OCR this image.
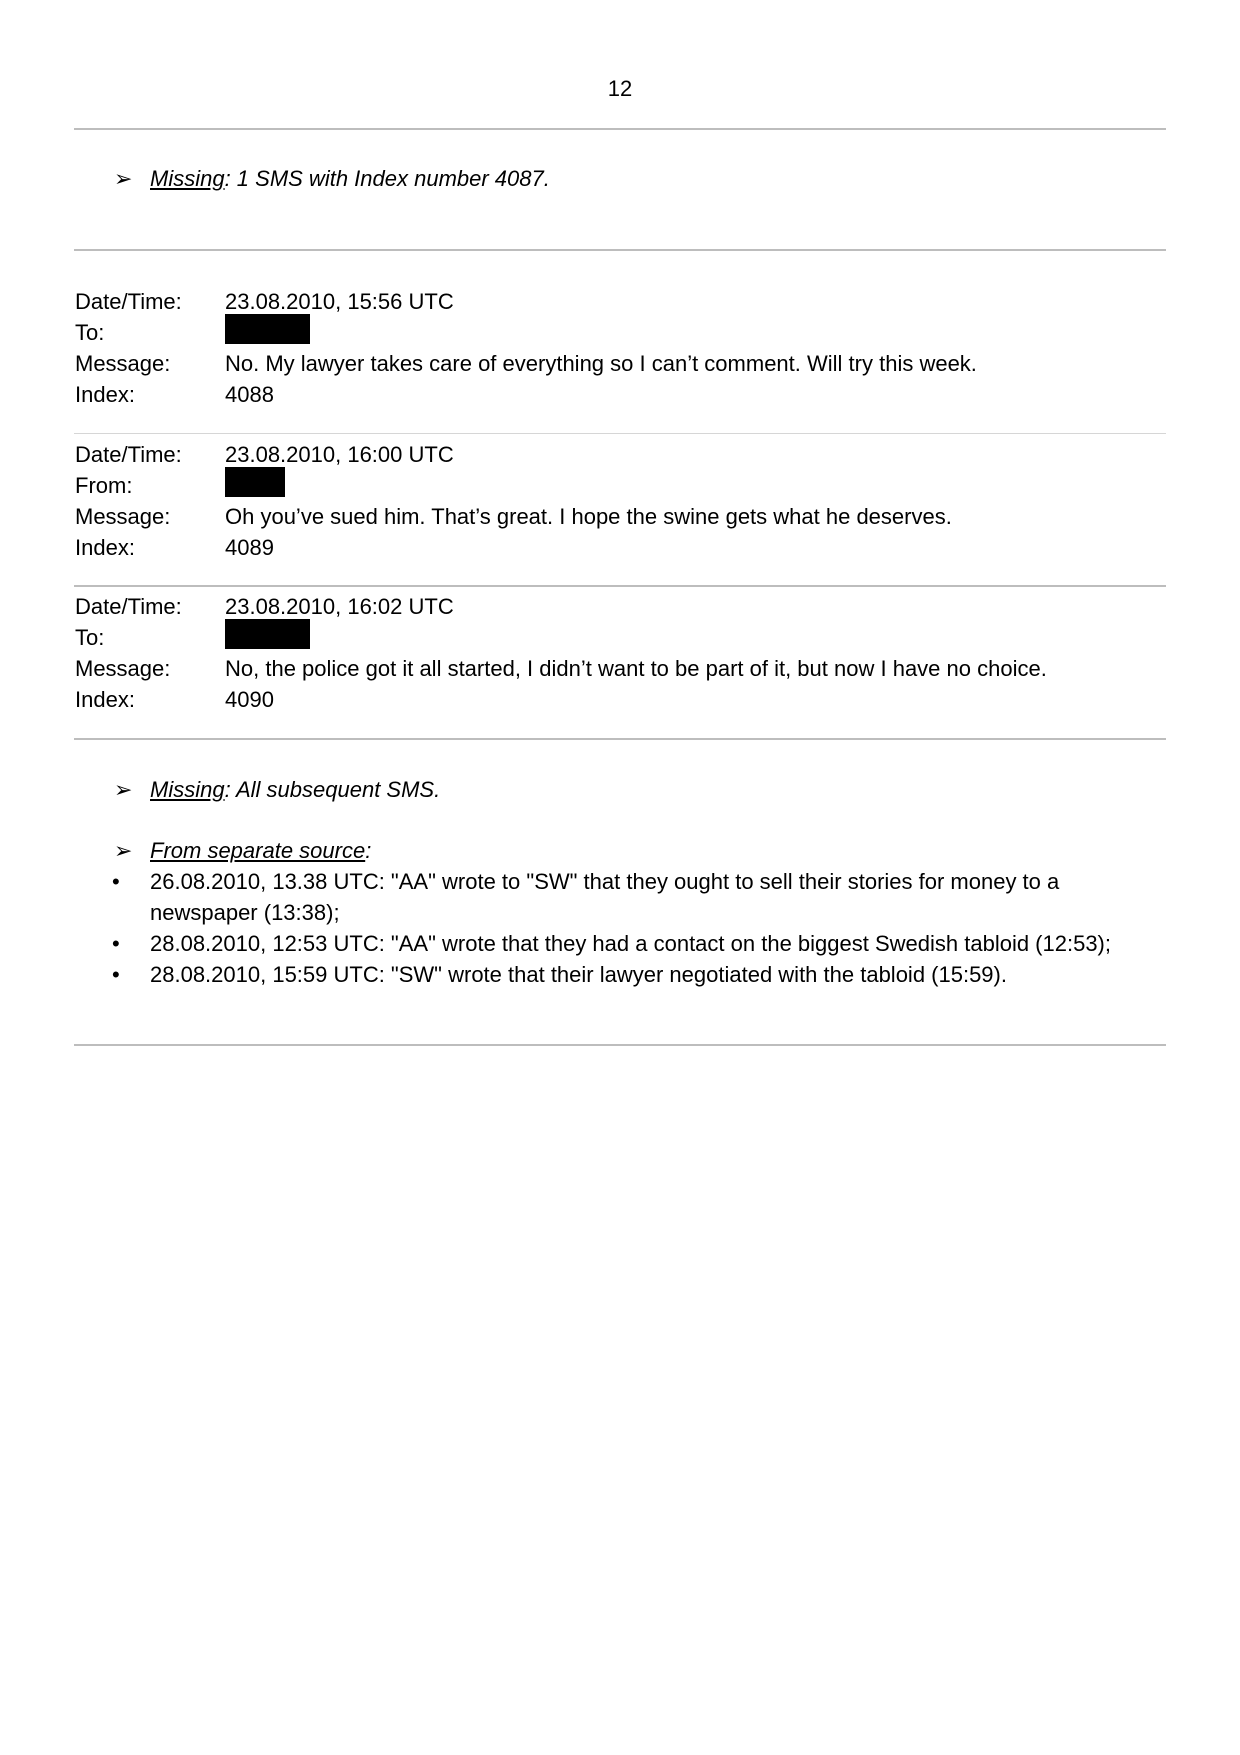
12
➢ Missing: 1 SMS with Index number 4087.
Date/Time:	23.08.2010, 15:56 UTC
To:
Message:	No. My lawyer takes care of everything so I can’t comment. Will try this week.
Index:	4088
Date/Time:	23.08.2010, 16:00 UTC
From:
Message:	Oh you’ve sued him. That’s great. I hope the swine gets what he deserves.
Index:	4089
Date/Time:	23.08.2010, 16:02 UTC
To:
Message:	No, the police got it all started, I didn’t want to be part of it, but now I have no choice.
Index:	4090
➢ Missing: All subsequent SMS.
➢ From separate source:
• 26.08.2010, 13.38 UTC: "AA" wrote to "SW" that they ought to sell their stories for money to a newspaper (13:38);
• 28.08.2010, 12:53 UTC: "AA" wrote that they had a contact on the biggest Swedish tabloid (12:53);
• 28.08.2010, 15:59 UTC: "SW" wrote that their lawyer negotiated with the tabloid (15:59).
